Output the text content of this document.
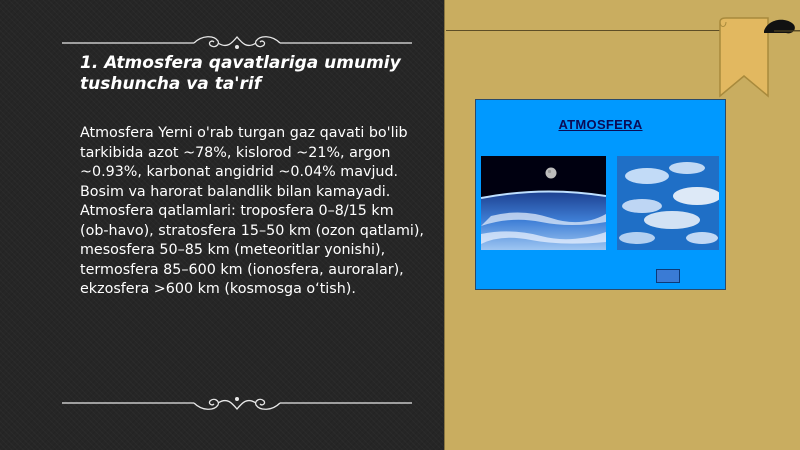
1. Atmosfera qavatlariga umumiy tushuncha va ta'rif

Atmosfera Yerni o'rab turgan gaz qavati bo'lib tarkibida azot ~78%, kislorod ~21%, argon ~0.93%, karbonat angidrid ~0.04% mavjud. Bosim va harorat balandlik bilan kamayadi. Atmosfera qatlamlari: troposfera 0–8/15 km (ob-havo), stratosfera 15–50 km (ozon qatlami), mesosfera 50–85 km (meteoritlar yonishi), termosfera 85–600 km (ionosfera, auroralar), ekzosfera >600 km (kosmosga o‘tish).

ATMOSFERA
